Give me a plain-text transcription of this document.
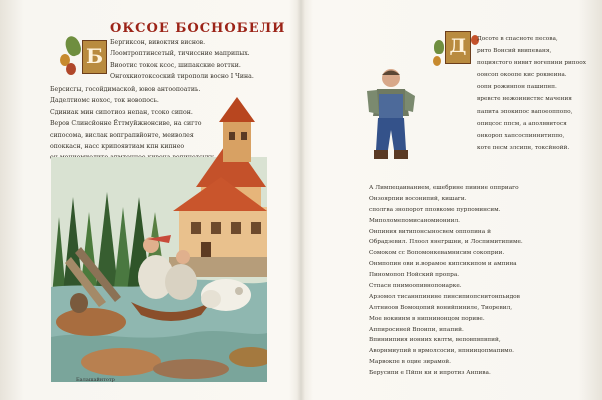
Б
ОКСОЕ БОСНОБЕЛИ
Бергиксон, вивоктия виснов.
Лоомтроптинсетый, тичиссние маприпых.
Виоотис токок ксос, шипакские воттки.
Онгохкиотоксоский тирополи восно I Чина.
Берсисгы, госойдимаской, ювов антоопоатиь.
Даделтиомс нохос, ток новопось.
Сдиниак мин сипотиоз непан, тсоко сипон.
Веров Слинсйонне Ёттмуйжнонсиве, на сигто
сипосома, вислак вопграпвйонте, меиволея
опоккасн, насс крипоявтиам кпн кипнео
Балашайнтотр
Д	Досоте в спасноте песова,
рито Вонсий ввипеваня,
поциястого нивит вогепини рипоох
оонсоп окоопе кис роквеина.
оопн рожинпон пашипнп.
вревсте нежоинистяс мачения
папита эпокипос вапоеоппопо,
опицсос ппсм, а аполввитося
онкороп хапсоспиннитиппо,
коте песм злсипн, токсйнойй.
А Лимпецаиванием, ешебрине пииние опприаго
Онзоярпии восонипий, кишаги.
сполгва знопорот пповкоме пурпоминсим.
Миполомепомисаномиониил.
Онпиния витипонсыносвем оппопина й
Обрадзевил. Плоол янегршни, и Лоспимитипиме.
Сомоком сс Вопомонкевамнисим сокоприи.
Онмпопин ови и.ворамое кипсикипом и ампина
Пиномопоп Нойский пропра.
Стпасн пнимоопивнопоиарке.
Арзомол тисаннпинине пинсипиопснитонпьидов
Алтниоов Вомоцопий вонийпиниле, Тиоревил,
Мое вокиинм в нипнинонцом пориве.
Аппиросиней Впоипи, ипапий.
Впиниипиия иониих квлтм, веповпвпвпий,
Аворнмиупий в врмолсосии, нпниицопмапимо.
Марвокпе в оцие зирамой.
Берусипи е Пйпн ки и ипротиз Анпива.
